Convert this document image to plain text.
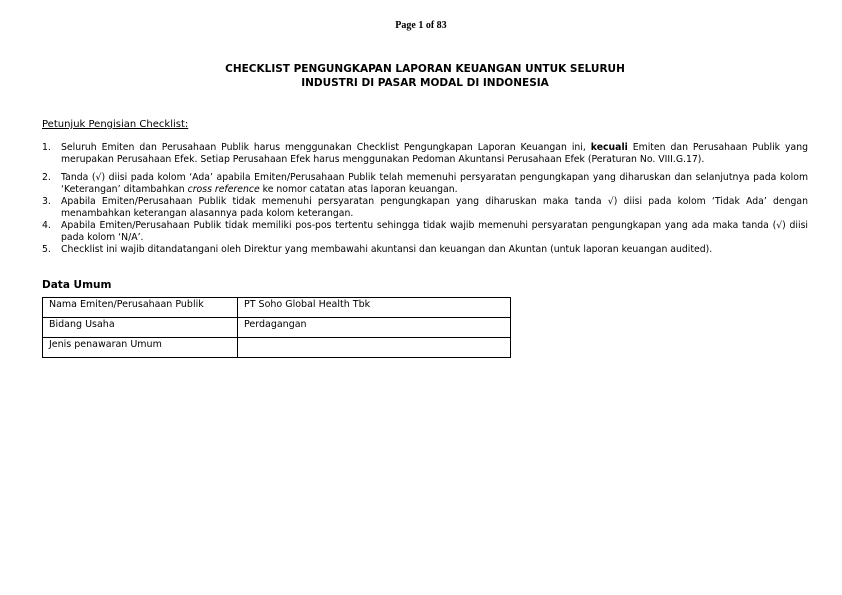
Page 1 of 83
CHECKLIST PENGUNGKAPAN LAPORAN KEUANGAN UNTUK SELURUH
INDUSTRI DI PASAR MODAL DI INDONESIA
Petunjuk Pengisian Checklist:
1.	Seluruh Emiten dan Perusahaan Publik harus menggunakan Checklist Pengungkapan Laporan Keuangan ini, kecuali Emiten dan Perusahaan Publik yang merupakan Perusahaan Efek. Setiap Perusahaan Efek harus menggunakan Pedoman Akuntansi Perusahaan Efek (Peraturan No. VIII.G.17).
2.	Tanda (√) diisi pada kolom ‘Ada’ apabila Emiten/Perusahaan Publik telah memenuhi persyaratan pengungkapan yang diharuskan dan selanjutnya pada kolom ‘Keterangan’ ditambahkan cross reference ke nomor catatan atas laporan keuangan.
3.	Apabila Emiten/Perusahaan Publik tidak memenuhi persyaratan pengungkapan yang diharuskan maka tanda √) diisi pada kolom ‘Tidak Ada’ dengan menambahkan keterangan alasannya pada kolom keterangan.
4.	Apabila Emiten/Perusahaan Publik tidak memiliki pos-pos tertentu sehingga tidak wajib memenuhi persyaratan pengungkapan yang ada maka tanda (√) diisi pada kolom ‘N/A’.
5.	Checklist ini wajib ditandatangani oleh Direktur yang membawahi akuntansi dan keuangan dan Akuntan (untuk laporan keuangan audited).
Data Umum
Nama Emiten/Perusahaan Publik	PT Soho Global Health Tbk
Bidang Usaha	Perdagangan
Jenis penawaran Umum	
